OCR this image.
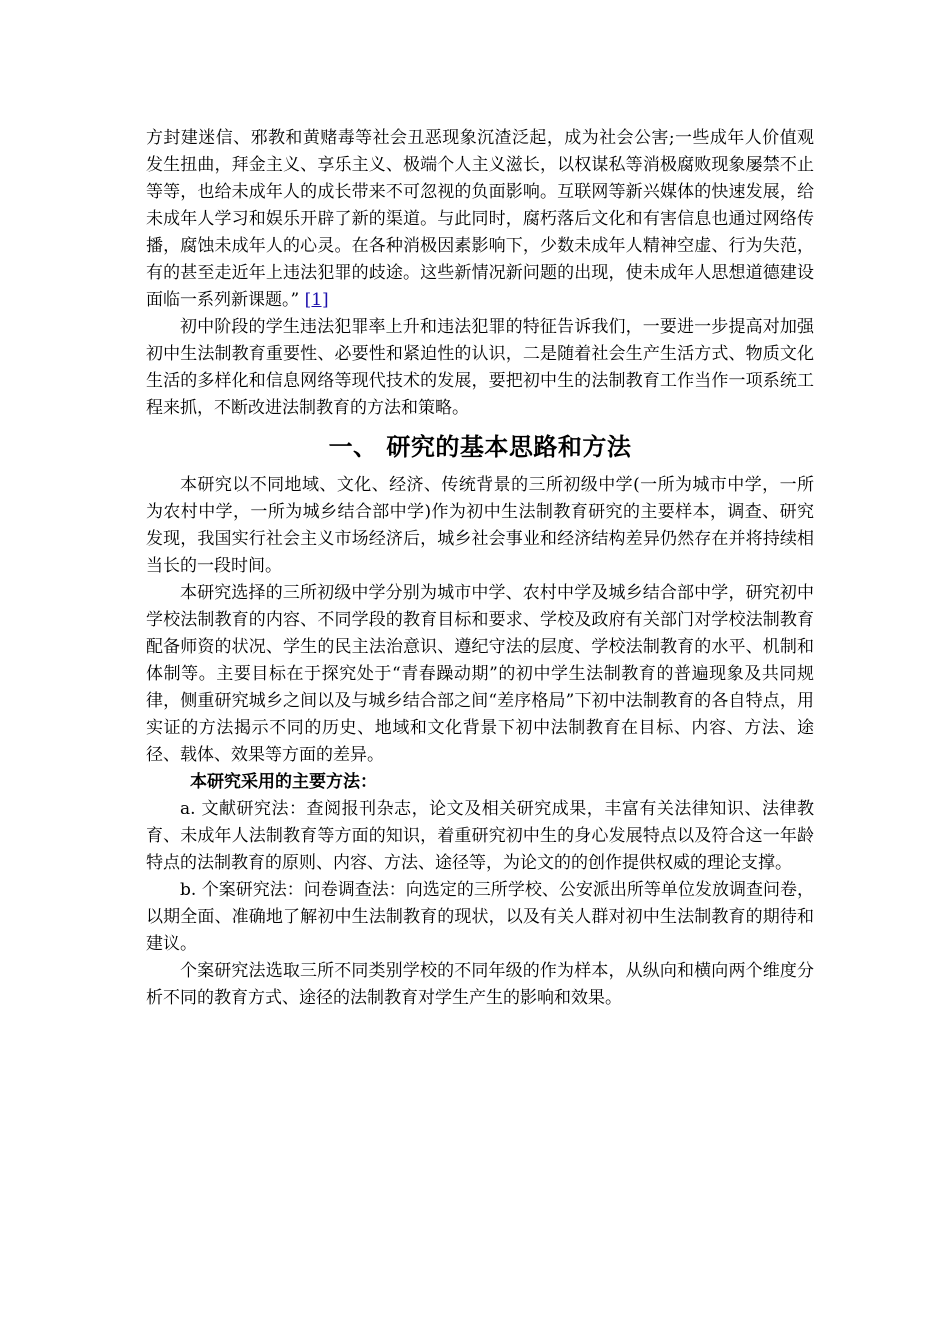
方封建迷信、邪教和黄赌毒等社会丑恶现象沉渣泛起，成为社会公害;一些成年人价值观发生扭曲，拜金主义、享乐主义、极端个人主义滋长，以权谋私等消极腐败现象屡禁不止等等，也给未成年人的成长带来不可忽视的负面影响。互联网等新兴媒体的快速发展，给未成年人学习和娱乐开辟了新的渠道。与此同时，腐朽落后文化和有害信息也通过网络传播，腐蚀未成年人的心灵。在各种消极因素影响下，少数未成年人精神空虚、行为失范，有的甚至走近年上违法犯罪的歧途。这些新情况新问题的出现，使未成年人思想道德建设面临一系列新课题。” [1]

初中阶段的学生违法犯罪率上升和违法犯罪的特征告诉我们，一要进一步提高对加强初中生法制教育重要性、必要性和紧迫性的认识，二是随着社会生产生活方式、物质文化生活的多样化和信息网络等现代技术的发展，要把初中生的法制教育工作当作一项系统工程来抓，不断改进法制教育的方法和策略。

一、 研究的基本思路和方法

本研究以不同地域、文化、经济、传统背景的三所初级中学(一所为城市中学，一所为农村中学，一所为城乡结合部中学)作为初中生法制教育研究的主要样本，调查、研究发现，我国实行社会主义市场经济后，城乡社会事业和经济结构差异仍然存在并将持续相当长的一段时间。

本研究选择的三所初级中学分别为城市中学、农村中学及城乡结合部中学，研究初中学校法制教育的内容、不同学段的教育目标和要求、学校及政府有关部门对学校法制教育配备师资的状况、学生的民主法治意识、遵纪守法的层度、学校法制教育的水平、机制和体制等。主要目标在于探究处于“青春躁动期”的初中学生法制教育的普遍现象及共同规律，侧重研究城乡之间以及与城乡结合部之间“差序格局”下初中法制教育的各自特点，用实证的方法揭示不同的历史、地域和文化背景下初中法制教育在目标、内容、方法、途径、载体、效果等方面的差异。

本研究采用的主要方法：

a. 文献研究法：查阅报刊杂志，论文及相关研究成果，丰富有关法律知识、法律教育、未成年人法制教育等方面的知识，着重研究初中生的身心发展特点以及符合这一年龄特点的法制教育的原则、内容、方法、途径等，为论文的的创作提供权威的理论支撑。

b. 个案研究法：问卷调查法：向选定的三所学校、公安派出所等单位发放调查问卷，以期全面、准确地了解初中生法制教育的现状，以及有关人群对初中生法制教育的期待和建议。

个案研究法选取三所不同类别学校的不同年级的作为样本，从纵向和横向两个维度分析不同的教育方式、途径的法制教育对学生产生的影响和效果。
